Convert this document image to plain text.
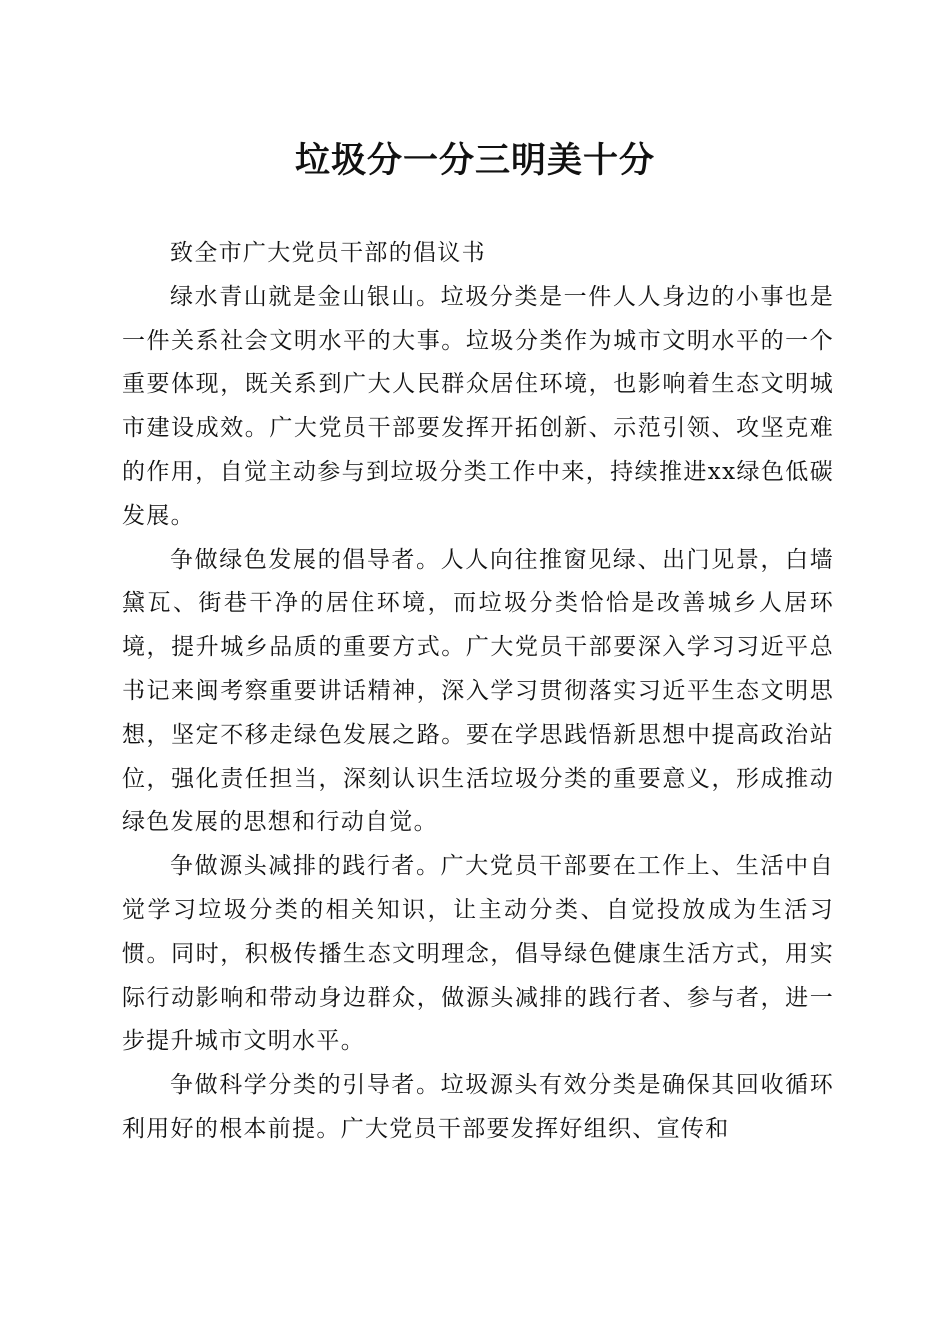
垃圾分一分三明美十分

致全市广大党员干部的倡议书

绿水青山就是金山银山。垃圾分类是一件人人身边的小事也是一件关系社会文明水平的大事。垃圾分类作为城市文明水平的一个重要体现，既关系到广大人民群众居住环境，也影响着生态文明城市建设成效。广大党员干部要发挥开拓创新、示范引领、攻坚克难的作用，自觉主动参与到垃圾分类工作中来，持续推进xx绿色低碳发展。

争做绿色发展的倡导者。人人向往推窗见绿、出门见景，白墙黛瓦、街巷干净的居住环境，而垃圾分类恰恰是改善城乡人居环境，提升城乡品质的重要方式。广大党员干部要深入学习习近平总书记来闽考察重要讲话精神，深入学习贯彻落实习近平生态文明思想，坚定不移走绿色发展之路。要在学思践悟新思想中提高政治站位，强化责任担当，深刻认识生活垃圾分类的重要意义，形成推动绿色发展的思想和行动自觉。

争做源头减排的践行者。广大党员干部要在工作上、生活中自觉学习垃圾分类的相关知识，让主动分类、自觉投放成为生活习惯。同时，积极传播生态文明理念，倡导绿色健康生活方式，用实际行动影响和带动身边群众，做源头减排的践行者、参与者，进一步提升城市文明水平。

争做科学分类的引导者。垃圾源头有效分类是确保其回收循环利用好的根本前提。广大党员干部要发挥好组织、宣传和
